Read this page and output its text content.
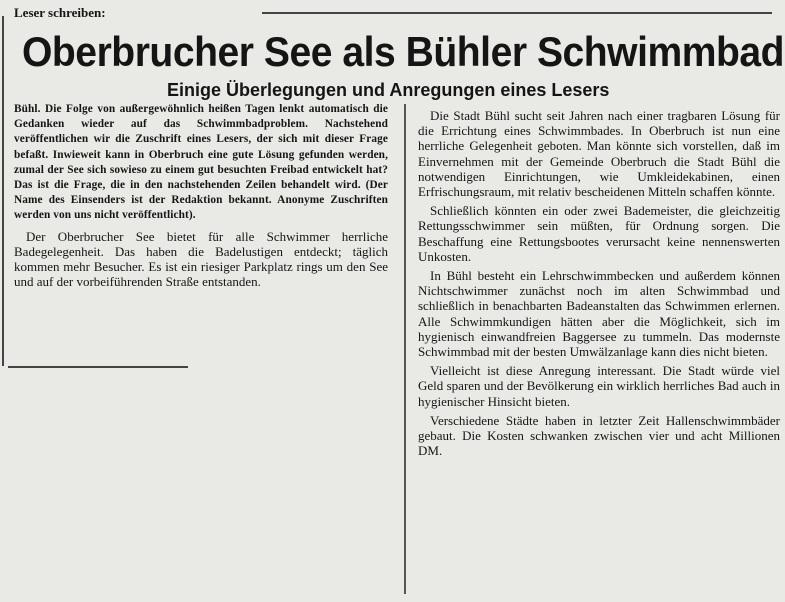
Leser schreiben:
Oberbrucher See als Bühler Schwimmbad
Einige Überlegungen und Anregungen eines Lesers

Bühl. Die Folge von außergewöhnlich heißen Tagen lenkt automatisch die Gedanken wieder auf das Schwimmbadproblem. Nachstehend veröffentlichen wir die Zuschrift eines Lesers, der sich mit dieser Frage befaßt. Inwieweit kann in Oberbruch eine gute Lösung gefunden werden, zumal der See sich sowieso zu einem gut besuchten Freibad entwickelt hat? Das ist die Frage, die in den nachstehenden Zeilen behandelt wird. (Der Name des Einsenders ist der Redaktion bekannt. Anonyme Zuschriften werden von uns nicht veröffentlicht).

Der Oberbrucher See bietet für alle Schwimmer herrliche Badegelegenheit. Das haben die Badelustigen entdeckt; täglich kommen mehr Besucher. Es ist ein riesiger Parkplatz rings um den See und auf der vorbeiführenden Straße entstanden.

Die Stadt Bühl sucht seit Jahren nach einer tragbaren Lösung für die Errichtung eines Schwimmbades. In Oberbruch ist nun eine herrliche Gelegenheit geboten. Man könnte sich vorstellen, daß im Einvernehmen mit der Gemeinde Oberbruch die Stadt Bühl die notwendigen Einrichtungen, wie Umkleidekabinen, einen Erfrischungsraum, mit relativ bescheidenen Mitteln schaffen könnte.

Schließlich könnten ein oder zwei Bademeister, die gleichzeitig Rettungsschwimmer sein müßten, für Ordnung sorgen. Die Beschaffung eine Rettungsbootes verursacht keine nennenswerten Unkosten.

In Bühl besteht ein Lehrschwimmbecken und außerdem können Nichtschwimmer zunächst noch im alten Schwimmbad und schließlich in benachbarten Badeanstalten das Schwimmen erlernen. Alle Schwimmkundigen hätten aber die Möglichkeit, sich im hygienisch einwandfreien Baggersee zu tummeln. Das modernste Schwimmbad mit der besten Umwälzanlage kann dies nicht bieten.

Vielleicht ist diese Anregung interessant. Die Stadt würde viel Geld sparen und der Bevölkerung ein wirklich herrliches Bad auch in hygienischer Hinsicht bieten.

Verschiedene Städte haben in letzter Zeit Hallenschwimmbäder gebaut. Die Kosten schwanken zwischen vier und acht Millionen DM.
